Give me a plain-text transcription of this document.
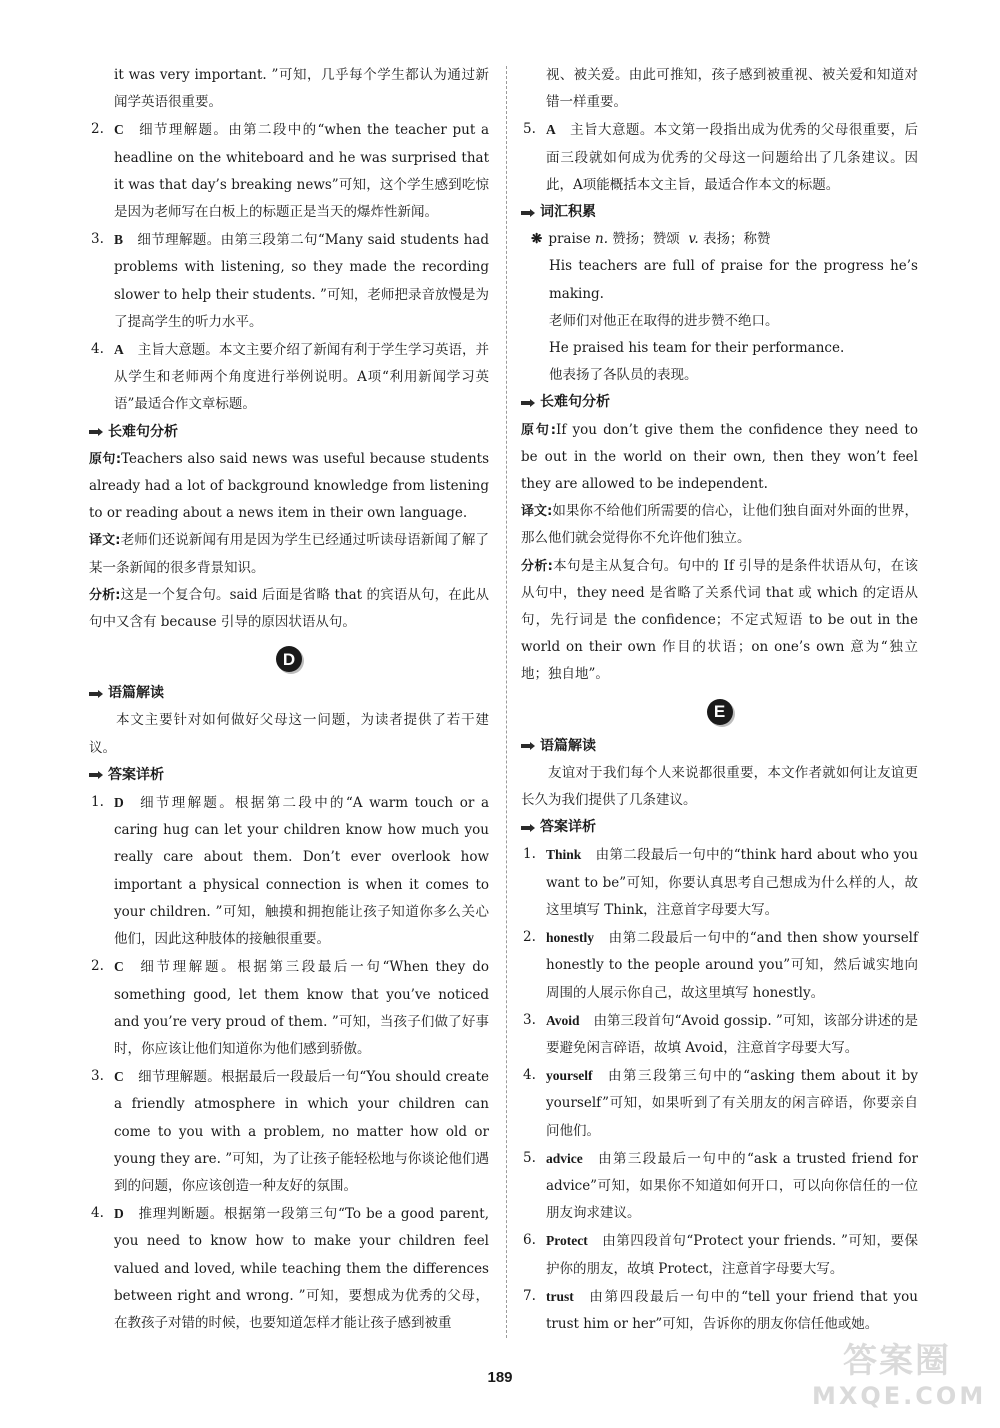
it was very important. ”可知，几乎每个学生都认为通过新闻学英语很重要。

2. C 细节理解题。由第二段中的“when the teacher put a headline on the whiteboard and he was surprised that it was that day’s breaking news”可知，这个学生感到吃惊是因为老师写在白板上的标题正是当天的爆炸性新闻。
3. B 细节理解题。由第三段第二句“Many said students had problems with listening, so they made the recording slower to help their students. ”可知，老师把录音放慢是为了提高学生的听力水平。
4. A 主旨大意题。本文主要介绍了新闻有利于学生学习英语，并从学生和老师两个角度进行举例说明。A项“利用新闻学习英语”最适合作文章标题。
长难句分析

原句:Teachers also said news was useful because students already had a lot of background knowledge from listening to or reading about a news item in their own language.

译文:老师们还说新闻有用是因为学生已经通过听读母语新闻了解了某一条新闻的很多背景知识。

分析:这是一个复合句。said 后面是省略 that 的宾语从句，在此从句中又含有 because 引导的原因状语从句。

D
语篇解读

本文主要针对如何做好父母这一问题，为读者提供了若干建议。

答案详析
1. D 细节理解题。根据第二段中的“A warm touch or a caring hug can let your children know how much you really care about them. Don’t ever overlook how important a physical connection is when it comes to your children. ”可知，触摸和拥抱能让孩子知道你多么关心他们，因此这种肢体的接触很重要。
2. C 细节理解题。根据第三段最后一句“When they do something good, let them know that you’ve noticed and you’re very proud of them. ”可知，当孩子们做了好事时，你应该让他们知道你为他们感到骄傲。
3. C 细节理解题。根据最后一段最后一句“You should create a friendly atmosphere in which your children can come to you with a problem, no matter how old or young they are. ”可知，为了让孩子能轻松地与你谈论他们遇到的问题，你应该创造一种友好的氛围。
4. D 推理判断题。根据第一段第三句“To be a good parent, you need to know how to make your children feel valued and loved, while teaching them the differences between right and wrong. ”可知，要想成为优秀的父母，在教孩子对错的时候，也要知道怎样才能让孩子感到被重

视、被关爱。由此可推知，孩子感到被重视、被关爱和知道对错一样重要。

5. A 主旨大意题。本文第一段指出成为优秀的父母很重要，后面三段就如何成为优秀的父母这一问题给出了几条建议。因此，A项能概括本文主旨，最适合作本文的标题。
词汇积累

❋ praise n. 赞扬；赞颂 v. 表扬；称赞

His teachers are full of praise for the progress he’s making.

老师们对他正在取得的进步赞不绝口。

He praised his team for their performance.

他表扬了各队员的表现。

长难句分析

原句:If you don’t give them the confidence they need to be out in the world on their own, then they won’t feel they are allowed to be independent.

译文:如果你不给他们所需要的信心，让他们独自面对外面的世界，那么他们就会觉得你不允许他们独立。

分析:本句是主从复合句。句中的 If 引导的是条件状语从句，在该从句中，they need 是省略了关系代词 that 或 which 的定语从句，先行词是 the confidence；不定式短语 to be out in the world on their own 作目的状语；on one’s own 意为“独立地；独自地”。

E
语篇解读

友谊对于我们每个人来说都很重要，本文作者就如何让友谊更长久为我们提供了几条建议。

答案详析
1. Think 由第二段最后一句中的“think hard about who you want to be”可知，你要认真思考自己想成为什么样的人，故这里填写 Think，注意首字母要大写。
2. honestly 由第二段最后一句中的“and then show yourself honestly to the people around you”可知，然后诚实地向周围的人展示你自己，故这里填写 honestly。
3. Avoid 由第三段首句“Avoid gossip. ”可知，该部分讲述的是要避免闲言碎语，故填 Avoid，注意首字母要大写。
4. yourself 由第三段第三句中的“asking them about it by yourself”可知，如果听到了有关朋友的闲言碎语，你要亲自问他们。
5. advice 由第三段最后一句中的“ask a trusted friend for advice”可知，如果你不知道如何开口，可以向你信任的一位朋友询求建议。
6. Protect 由第四段首句“Protect your friends. ”可知，要保护你的朋友，故填 Protect，注意首字母要大写。
7. trust 由第四段最后一句中的“tell your friend that you trust him or her”可知，告诉你的朋友你信任他或她。
189	答案圈
MXQE.COM
